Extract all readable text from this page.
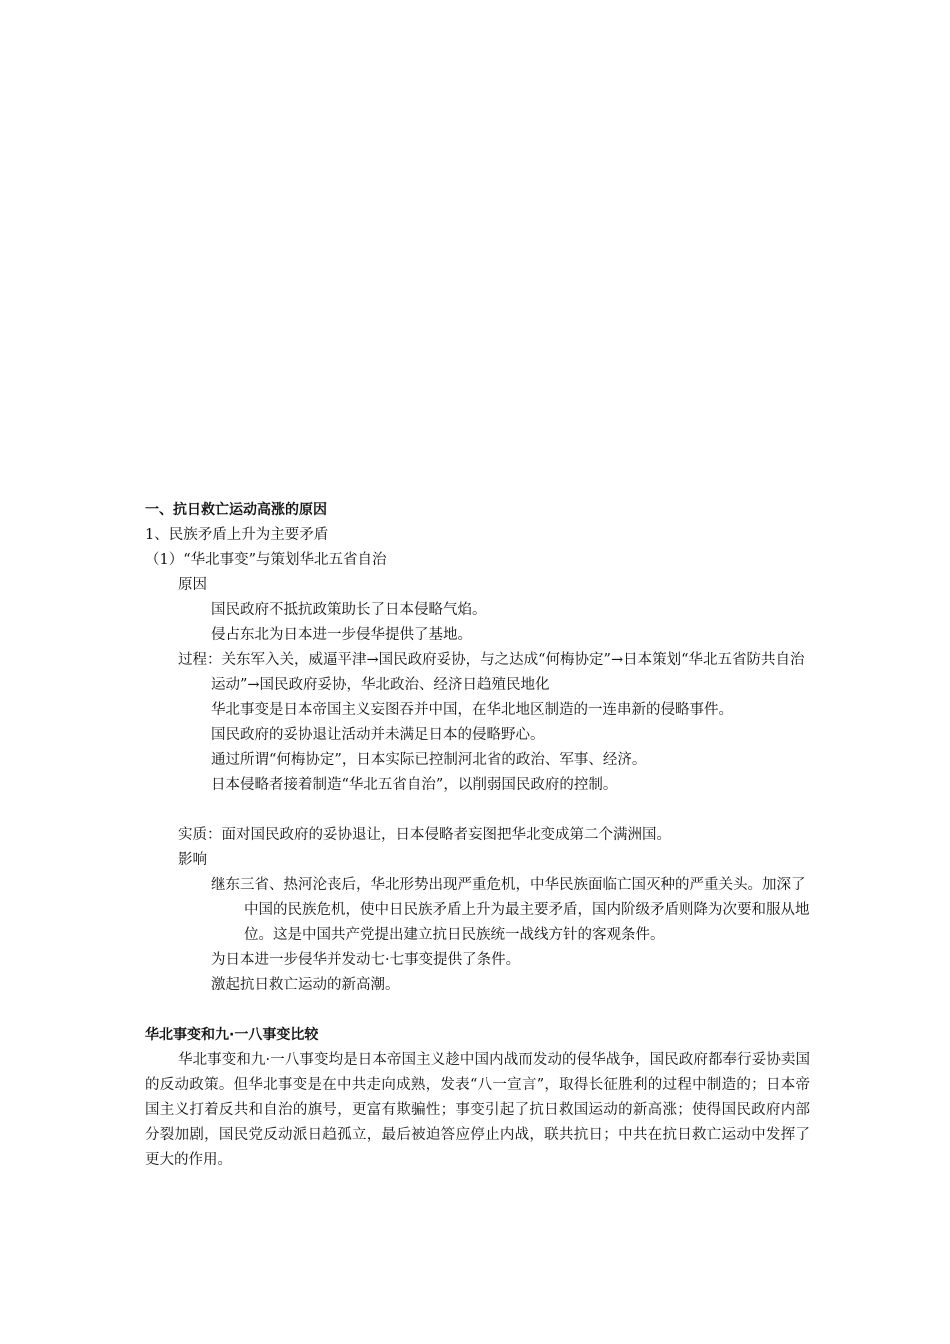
一、抗日救亡运动高涨的原因

1、民族矛盾上升为主要矛盾

（1）“华北事变”与策划华北五省自治

原因

国民政府不抵抗政策助长了日本侵略气焰。

侵占东北为日本进一步侵华提供了基地。

过程：关东军入关，威逼平津→国民政府妥协，与之达成“何梅协定”→日本策划“华北五省防共自治运动”→国民政府妥协，华北政治、经济日趋殖民地化

华北事变是日本帝国主义妄图吞并中国，在华北地区制造的一连串新的侵略事件。

国民政府的妥协退让活动并未满足日本的侵略野心。

通过所谓“何梅协定”，日本实际已控制河北省的政治、军事、经济。

日本侵略者接着制造“华北五省自治”，以削弱国民政府的控制。

实质：面对国民政府的妥协退让，日本侵略者妄图把华北变成第二个满洲国。

影响

继东三省、热河沦丧后，华北形势出现严重危机，中华民族面临亡国灭种的严重关头。加深了中国的民族危机，使中日民族矛盾上升为最主要矛盾，国内阶级矛盾则降为次要和服从地位。这是中国共产党提出建立抗日民族统一战线方针的客观条件。

为日本进一步侵华并发动七·七事变提供了条件。

激起抗日救亡运动的新高潮。

华北事变和九·一八事变比较

华北事变和九·一八事变均是日本帝国主义趁中国内战而发动的侵华战争，国民政府都奉行妥协卖国的反动政策。但华北事变是在中共走向成熟，发表“八一宣言”，取得长征胜利的过程中制造的；日本帝国主义打着反共和自治的旗号，更富有欺骗性；事变引起了抗日救国运动的新高涨；使得国民政府内部分裂加剧，国民党反动派日趋孤立，最后被迫答应停止内战，联共抗日；中共在抗日救亡运动中发挥了更大的作用。
